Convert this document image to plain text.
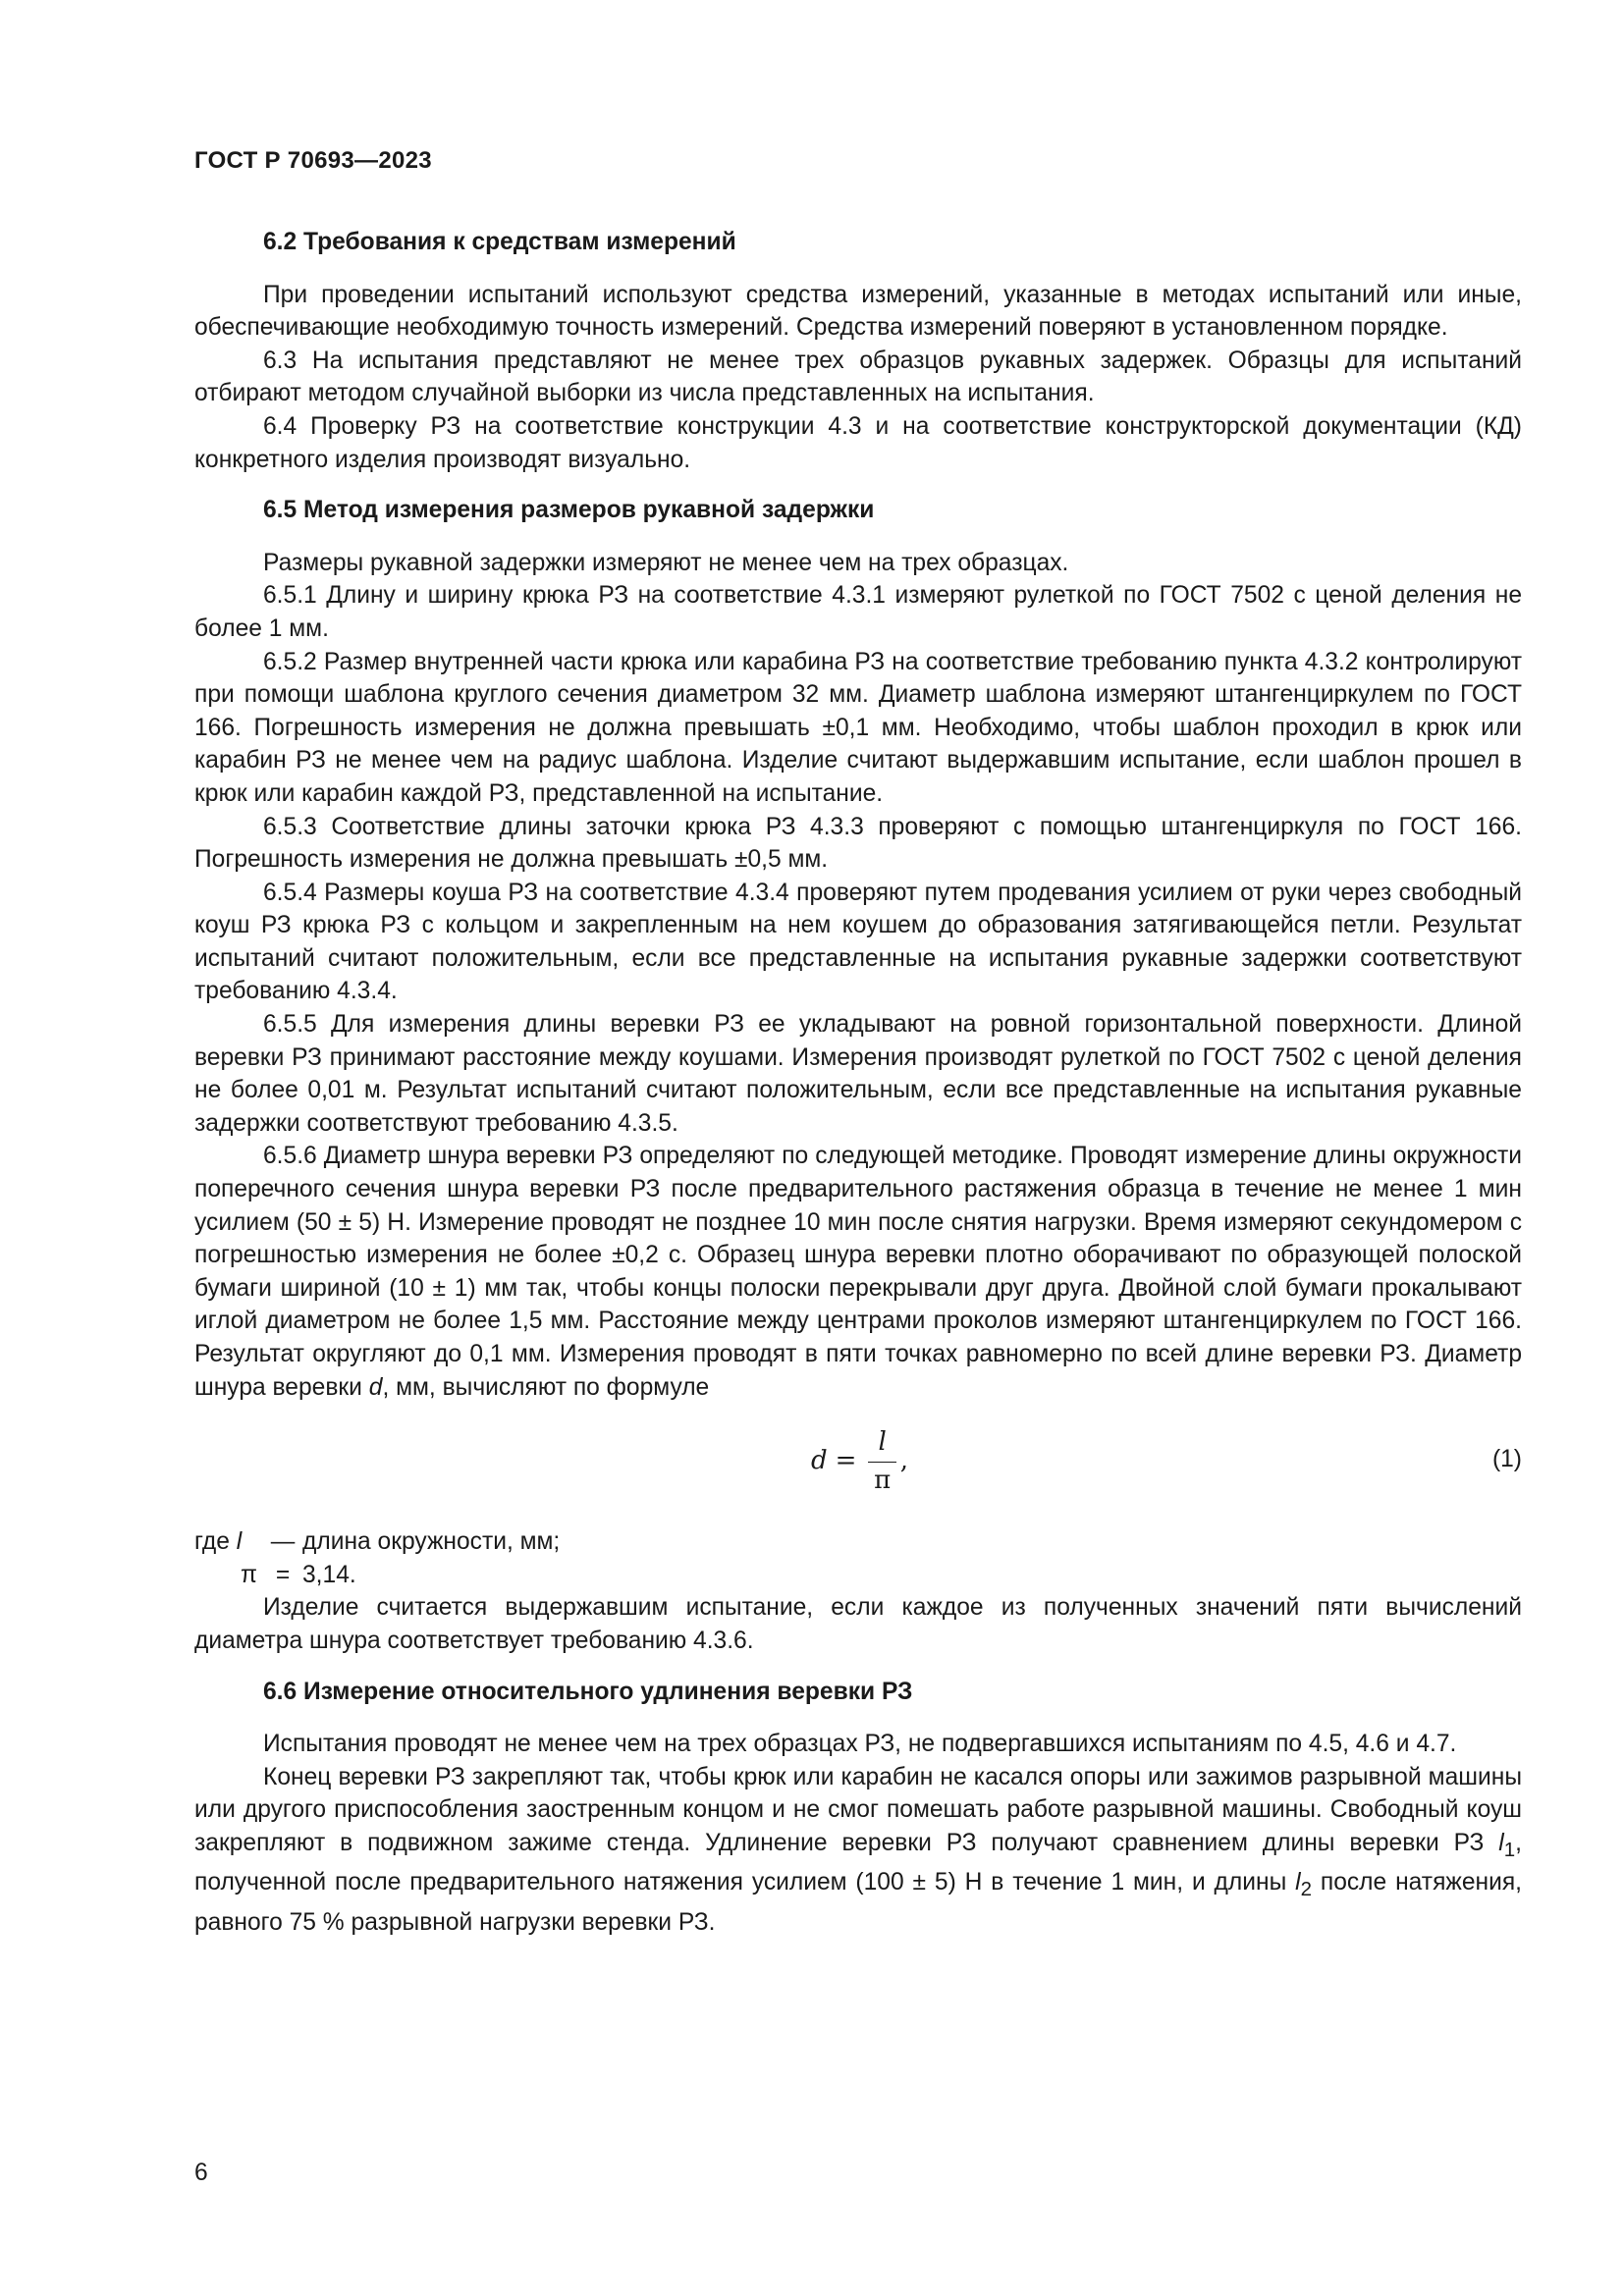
ГОСТ Р 70693—2023
6.2 Требования к средствам измерений

При проведении испытаний используют средства измерений, указанные в методах испытаний или иные, обеспечивающие необходимую точность измерений. Средства измерений поверяют в установленном порядке.

6.3 На испытания представляют не менее трех образцов рукавных задержек. Образцы для испытаний отбирают методом случайной выборки из числа представленных на испытания.

6.4 Проверку РЗ на соответствие конструкции 4.3 и на соответствие конструкторской документации (КД) конкретного изделия производят визуально.

6.5 Метод измерения размеров рукавной задержки

Размеры рукавной задержки измеряют не менее чем на трех образцах.

6.5.1 Длину и ширину крюка РЗ на соответствие 4.3.1 измеряют рулеткой по ГОСТ 7502 с ценой деления не более 1 мм.

6.5.2 Размер внутренней части крюка или карабина РЗ на соответствие требованию пункта 4.3.2 контролируют при помощи шаблона круглого сечения диаметром 32 мм. Диаметр шаблона измеряют штангенциркулем по ГОСТ 166. Погрешность измерения не должна превышать ±0,1 мм. Необходимо, чтобы шаблон проходил в крюк или карабин РЗ не менее чем на радиус шаблона. Изделие считают выдержавшим испытание, если шаблон прошел в крюк или карабин каждой РЗ, представленной на испытание.

6.5.3 Соответствие длины заточки крюка РЗ 4.3.3 проверяют с помощью штангенциркуля по ГОСТ 166. Погрешность измерения не должна превышать ±0,5 мм.

6.5.4 Размеры коуша РЗ на соответствие 4.3.4 проверяют путем продевания усилием от руки через свободный коуш РЗ крюка РЗ с кольцом и закрепленным на нем коушем до образования затягивающейся петли. Результат испытаний считают положительным, если все представленные на испытания рукавные задержки соответствуют требованию 4.3.4.

6.5.5 Для измерения длины веревки РЗ ее укладывают на ровной горизонтальной поверхности. Длиной веревки РЗ принимают расстояние между коушами. Измерения производят рулеткой по ГОСТ 7502 с ценой деления не более 0,01 м. Результат испытаний считают положительным, если все представленные на испытания рукавные задержки соответствуют требованию 4.3.5.

6.5.6 Диаметр шнура веревки РЗ определяют по следующей методике. Проводят измерение длины окружности поперечного сечения шнура веревки РЗ после предварительного растяжения образца в течение не менее 1 мин усилием (50 ± 5) Н. Измерение проводят не позднее 10 мин после снятия нагрузки. Время измеряют секундомером с погрешностью измерения не более ±0,2 с. Образец шнура веревки плотно оборачивают по образующей полоской бумаги шириной (10 ± 1) мм так, чтобы концы полоски перекрывали друг друга. Двойной слой бумаги прокалывают иглой диаметром не более 1,5 мм. Расстояние между центрами проколов измеряют штангенциркулем по ГОСТ 166. Результат округляют до 0,1 мм. Измерения проводят в пяти точках равномерно по всей длине веревки РЗ. Диаметр шнура веревки d, мм, вычисляют по формуле

$d = \frac{l}{\pi}$ ,	(1)
где l	— длина окружности, мм;
π = 3,14.

Изделие считается выдержавшим испытание, если каждое из полученных значений пяти вычислений диаметра шнура соответствует требованию 4.3.6.

6.6 Измерение относительного удлинения веревки РЗ

Испытания проводят не менее чем на трех образцах РЗ, не подвергавшихся испытаниям по 4.5, 4.6 и 4.7.

Конец веревки РЗ закрепляют так, чтобы крюк или карабин не касался опоры или зажимов разрывной машины или другого приспособления заостренным концом и не смог помешать работе разрывной машины. Свободный коуш закрепляют в подвижном зажиме стенда. Удлинение веревки РЗ получают сравнением длины веревки РЗ $l_1$, полученной после предварительного натяжения усилием (100 ± 5) Н в течение 1 мин, и длины $l_2$ после натяжения, равного 75 % разрывной нагрузки веревки РЗ.

6
